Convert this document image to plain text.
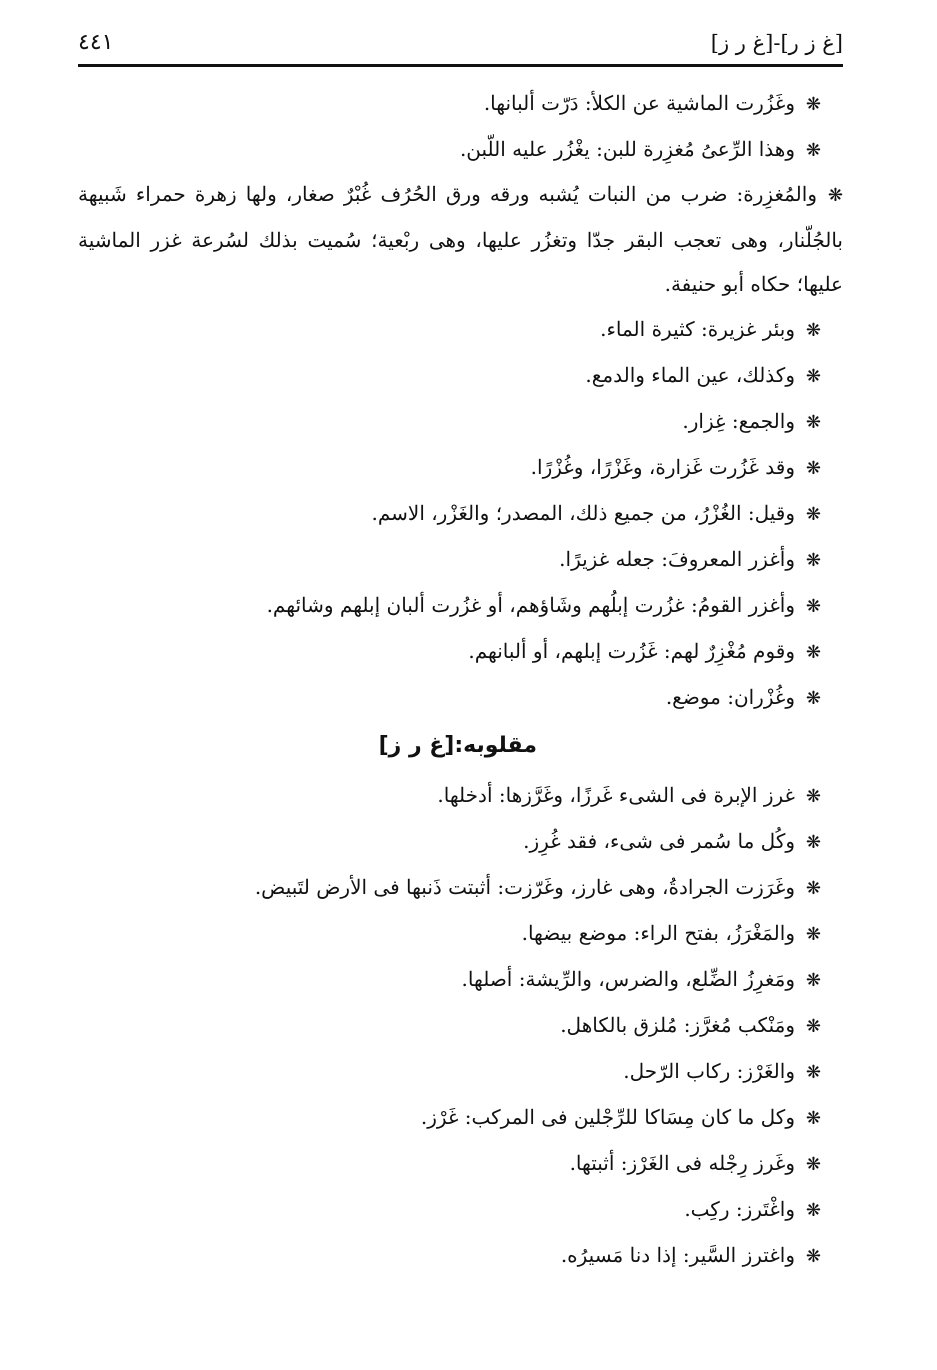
[غ ز ر]-[غ ر ز]
٤٤١
❋وغَزُرت الماشية عن الكلأ: دَرّت ألبانها.
❋وهذا الرِّعىُ مُغزِرة للبن: يغْزُر عليه اللّبن.
❋والمُغزِرة: ضرب من النبات يُشبه ورقه ورق الحُرُف غُبْرٌ صغار، ولها زهرة حمراء شَبيهة بالجُلّنار، وهى تعجب البقر جدّا وتغزُر عليها، وهى ربْعية؛ سُميت بذلك لسُرعة غزر الماشية عليها؛ حكاه أبو حنيفة.
❋وبئر غزيرة: كثيرة الماء.
❋وكذلك، عين الماء والدمع.
❋والجمع: غِزار.
❋وقد غَزُرت غَزارة، وغَزْرًا، وغُزْرًا.
❋وقيل: الغُزْرُ، من جميع ذلك، المصدر؛ والغَزْر، الاسم.
❋وأغزر المعروفَ: جعله غزيرًا.
❋وأغزر القومُ: غزُرت إبلُهم وشَاؤهم، أو غزُرت ألبان إبلهم وشائهم.
❋وقوم مُغْزِرٌ لهم: غَزُرت إبلهم، أو ألبانهم.
❋وغُزْران: موضع.
مقلوبه:[غ ر ز]
❋غرز الإبرة فى الشىء غَرزًا، وغَرَّزها: أدخلها.
❋وكُل ما سُمر فى شىء، فقد غُرِز.
❋وغَرَزت الجرادةُ، وهى غارز، وغَرّزت: أثبتت ذَنبها فى الأرض لتَبيض.
❋والمَغْرَزُ، بفتح الراء: موضع بيضها.
❋ومَغرِزُ الضِّلع، والضرس، والرِّيشة: أصلها.
❋ومَنْكب مُغرَّز: مُلزق بالكاهل.
❋والغَرْز: ركاب الرّحل.
❋وكل ما كان مِسَاكا للرِّجْلين فى المركب: غَرْز.
❋وغَرز رِجْله فى الغَرْز: أثبتها.
❋واغْتَرز: ركِب.
❋واغترز السَّير: إذا دنا مَسيرُه.
